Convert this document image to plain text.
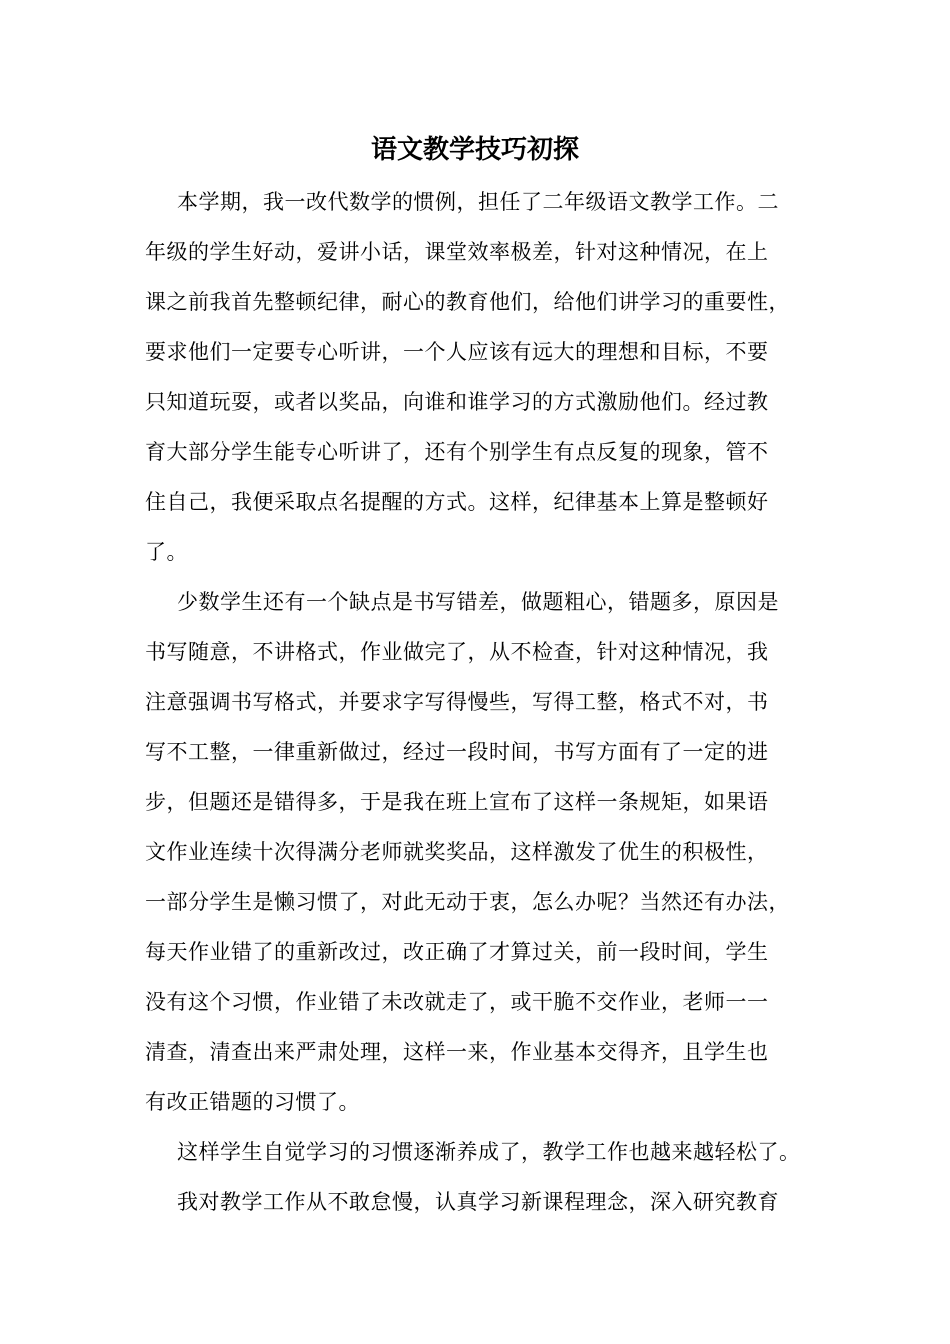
语文教学技巧初探
本学期，我一改代数学的惯例，担任了二年级语文教学工作。二
年级的学生好动，爱讲小话，课堂效率极差，针对这种情况，在上
课之前我首先整顿纪律，耐心的教育他们，给他们讲学习的重要性，
要求他们一定要专心听讲，一个人应该有远大的理想和目标，不要
只知道玩耍，或者以奖品，向谁和谁学习的方式激励他们。经过教
育大部分学生能专心听讲了，还有个别学生有点反复的现象，管不
住自己，我便采取点名提醒的方式。这样，纪律基本上算是整顿好
了。
少数学生还有一个缺点是书写错差，做题粗心，错题多，原因是
书写随意，不讲格式，作业做完了，从不检查，针对这种情况，我
注意强调书写格式，并要求字写得慢些，写得工整，格式不对，书
写不工整，一律重新做过，经过一段时间，书写方面有了一定的进
步，但题还是错得多，于是我在班上宣布了这样一条规矩，如果语
文作业连续十次得满分老师就奖奖品，这样激发了优生的积极性，
一部分学生是懒习惯了，对此无动于衷，怎么办呢？当然还有办法，
每天作业错了的重新改过，改正确了才算过关，前一段时间，学生
没有这个习惯，作业错了未改就走了，或干脆不交作业，老师一一
清查，清查出来严肃处理，这样一来，作业基本交得齐，且学生也
有改正错题的习惯了。
这样学生自觉学习的习惯逐渐养成了，教学工作也越来越轻松了。
我对教学工作从不敢怠慢，认真学习新课程理念，深入研究教育
